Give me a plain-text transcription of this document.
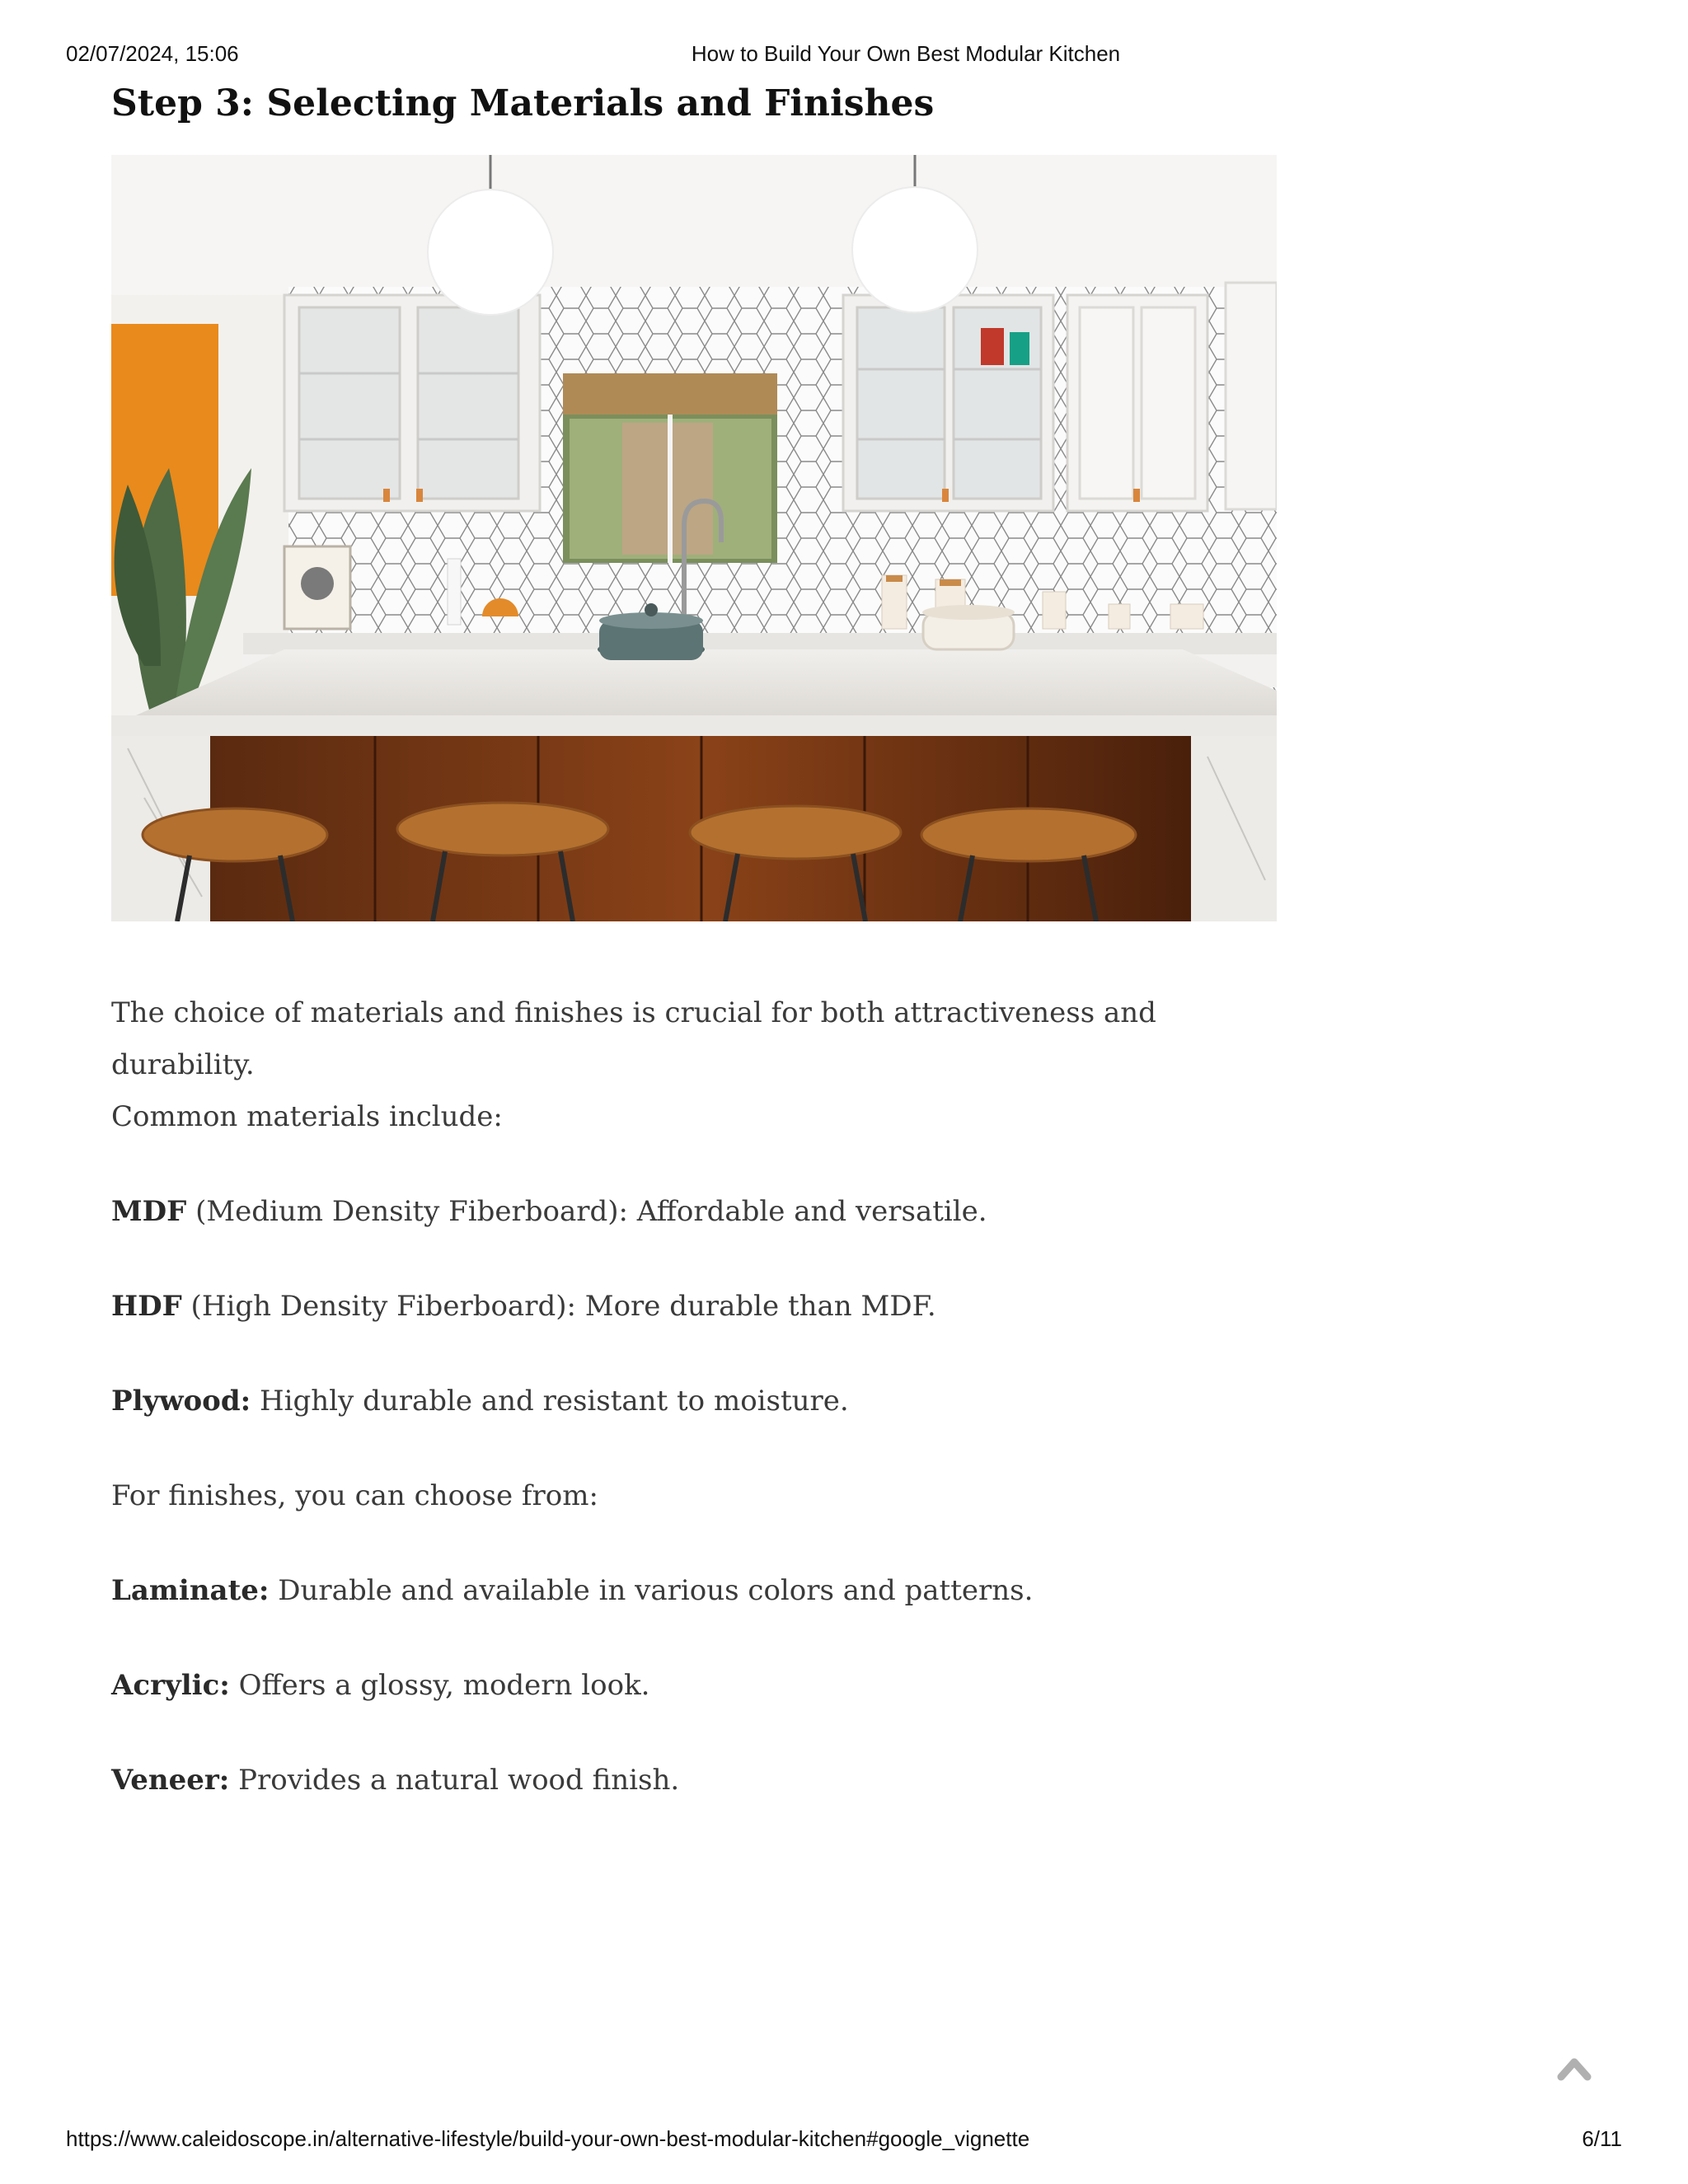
02/07/2024, 15:06	How to Build Your Own Best Modular Kitchen
Step 3: Selecting Materials and Finishes

The choice of materials and finishes is crucial for both attractiveness and durability.

Common materials include:

MDF (Medium Density Fiberboard): Affordable and versatile.

HDF (High Density Fiberboard): More durable than MDF.

Plywood: Highly durable and resistant to moisture.

For finishes, you can choose from:

Laminate: Durable and available in various colors and patterns.

Acrylic: Offers a glossy, modern look.

Veneer: Provides a natural wood finish.

https://www.caleidoscope.in/alternative-lifestyle/build-your-own-best-modular-kitchen#google_vignette	6/11
